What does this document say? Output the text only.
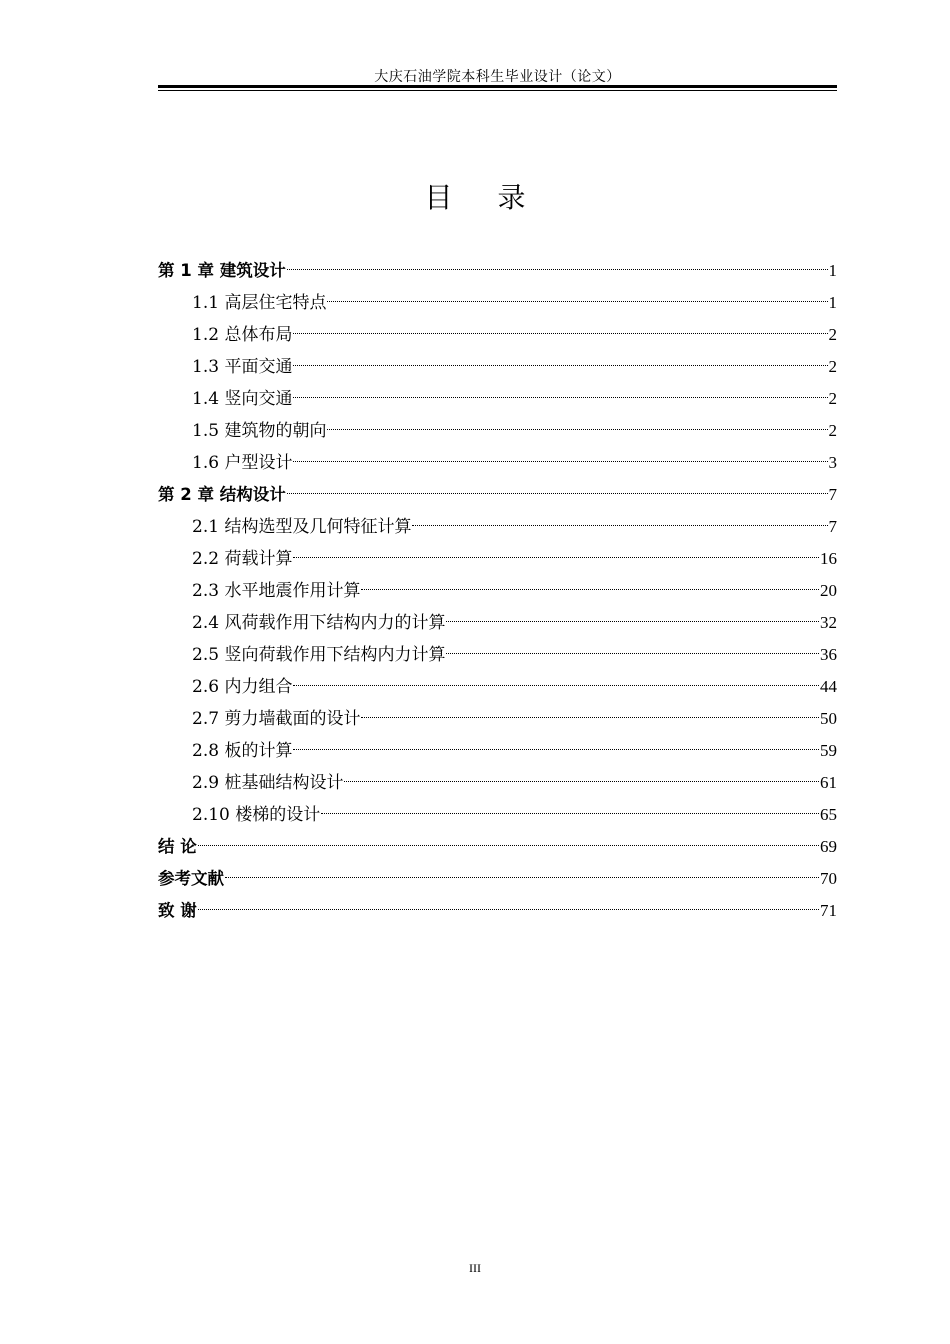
大庆石油学院本科生毕业设计（论文）
目 录
第 1 章 建筑设计	1
1.1 高层住宅特点	1
1.2 总体布局	2
1.3 平面交通	2
1.4 竖向交通	2
1.5 建筑物的朝向	2
1.6 户型设计	3
第 2 章 结构设计	7
2.1 结构选型及几何特征计算	7
2.2 荷载计算	16
2.3 水平地震作用计算	20
2.4 风荷载作用下结构内力的计算	32
2.5 竖向荷载作用下结构内力计算	36
2.6 内力组合	44
2.7 剪力墙截面的设计	50
2.8 板的计算	59
2.9 桩基础结构设计	61
2.10 楼梯的设计	65
结 论	69
参考文献	70
致 谢	71
III
